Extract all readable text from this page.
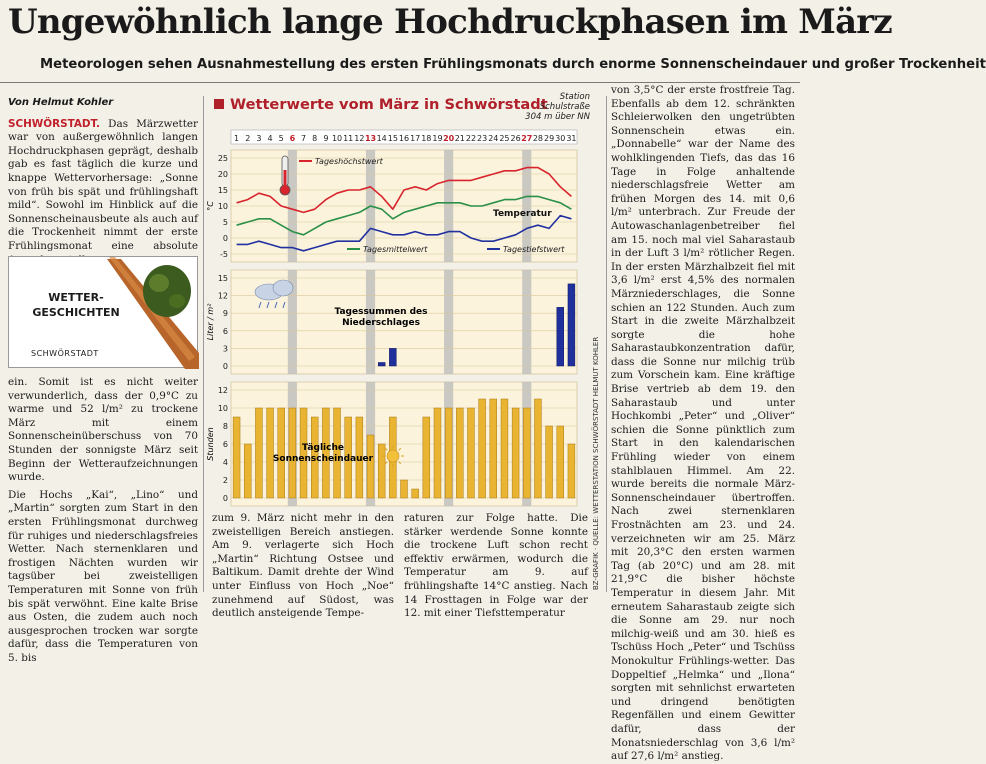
Ungewöhnlich lange Hochdruckphasen im März
Meteorologen sehen Ausnahmestellung des ersten Frühlingsmonats durch enorme Sonnenscheindauer und großer Trockenheit
Von Helmut Kohler
SCHWÖRSTADT. Das Märzwetter war von außergewöhnlich langen Hochdruckphasen geprägt, deshalb gab es fast täglich die kurze und knappe Wettervorhersage: „Sonne von früh bis spät und frühlingshaft mild“. Sowohl im Hinblick auf die Sonnenscheinausbeute als auch auf die Trockenheit nimmt der erste Frühlingsmonat eine absolute
WETTER-
GESCHICHTEN
SCHWÖRSTADT
ein. Somit ist es nicht weiter verwunderlich, dass der 0,9°C zu warme und 52 l/m² zu trockene März mit einem Sonnenscheinüberschuss von 70 Stunden der sonnigste März seit Beginn der Wetteraufzeichnungen wurde.
Die Hochs „Kai“, „Lino“ und „Martin“ sorgten zum Start in den ersten Frühlingsmonat durchweg für ruhiges und niederschlagsfreies Wetter. Nach sternenklaren und frostigen Nächten wurden wir tagsüber bei zweistelligen Temperaturen mit Sonne von früh bis spät verwöhnt. Eine kalte Brise aus Osten, die zudem auch noch ausgesprochen trocken war sorgte dafür, dass die Temperaturen von 5. bis
Wetterwerte vom März in Schwörstadt	Station
Schulstraße
304 m über NN
1 2 3 4 5 6 7 8 9 10 11 12 13 14 15 16 17 18 19 20 21 22 23 24 25 26 27 28 29 30 31
-5
0
5
10
15
20
25
°C
Tageshöchstwert
Tagesmittelwert	Tagestiefstwert
Temperatur
0
3
6
9
12
15
Liter / m²	Tagessummen des
Niederschlages
0
2
4
6
8
10
12
Stunden	Tägliche
Sonnenscheindauer	BZ-GRAFIK · QUELLE: WETTERSTATION SCHWÖRSTADT HELMUT KOHLER
zum 9. März nicht mehr in den zweistelligen Bereich anstiegen. Am 9. verlagerte sich Hoch „Martin“ Richtung Ostsee und Baltikum. Damit drehte der Wind unter Einfluss von Hoch „Noe“ zunehmend auf Südost, was deutlich ansteigende Tempe-
raturen zur Folge hatte. Die stärker werdende Sonne konnte die trockene Luft schon recht effektiv erwärmen, wodurch die Temperatur am 9. auf frühlingshafte 14°C anstieg. Nach 14 Frosttagen in Folge war der 12. mit einer Tiefsttemperatur
von 3,5°C der erste frostfreie Tag. Ebenfalls ab dem 12. schränkten Schleierwolken den ungetrübten Sonnenschein etwas ein. „Donnabelle“ war der Name des wohlklingenden Tiefs, das das 16 Tage in Folge anhaltende niederschlagsfreie Wetter am frühen Morgen des 14. mit 0,6 l/m² unterbrach. Zur Freude der Autowaschanlagenbetreiber fiel am 15. noch mal viel Saharastaub in der Luft 3 l/m² rötlicher Regen. In der ersten Märzhalbzeit fiel mit 3,6 l/m² erst 4,5% des normalen Märzniederschlages, die Sonne schien an 122 Stunden. Auch zum Start in die zweite Märzhalbzeit sorgte die hohe Saharastaubkonzentration dafür, dass die Sonne nur milchig trüb zum Vorschein kam. Eine kräftige Brise vertrieb ab dem 19. den Saharastaub und unter Hochkombi „Peter“ und „Oliver“ schien die Sonne pünktlich zum Start in den kalendarischen Frühling wieder von einem stahlblauen Himmel. Am 22. wurde bereits die normale März-Sonnenscheindauer übertroffen. Nach zwei sternenklaren Frostnächten am 23. und 24. verzeichneten wir am 25. März mit 20,3°C den ersten warmen Tag (ab 20°C) und am 28. mit 21,9°C die bisher höchste Temperatur in diesem Jahr. Mit erneutem Saharastaub zeigte sich die Sonne am 29. nur noch milchig-weiß und am 30. hieß es Tschüss Hoch „Peter“ und Tschüss Monokultur Frühlings-wetter. Das Doppeltief „Helmka“ und „Ilona“ sorgten mit sehnlichst erwarteten und dringend benötigten Regenfällen und einem Gewitter dafür, dass der Monatsniederschlag von 3,6 l/m² auf 27,6 l/m² anstieg.
